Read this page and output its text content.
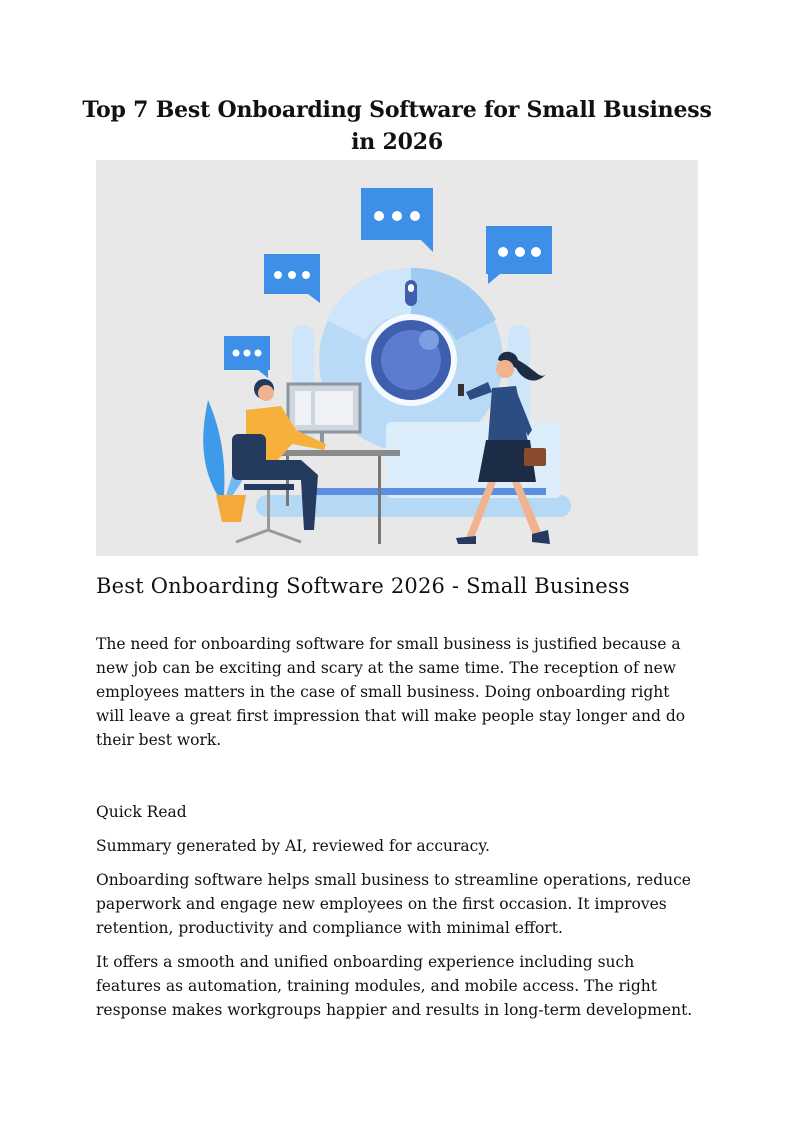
Top 7 Best Onboarding Software for Small Business in 2026
Best Onboarding Software 2026 - Small Business

The need for onboarding software for small business is justified because a new job can be exciting and scary at the same time. The reception of new employees matters in the case of small business. Doing onboarding right will leave a great first impression that will make people stay longer and do their best work.

Quick Read

Summary generated by AI, reviewed for accuracy.

Onboarding software helps small business to streamline operations, reduce paperwork and engage new employees on the first occasion. It improves retention, productivity and compliance with minimal effort.

It offers a smooth and unified onboarding experience including such features as automation, training modules, and mobile access. The right response makes workgroups happier and results in long-term development.
